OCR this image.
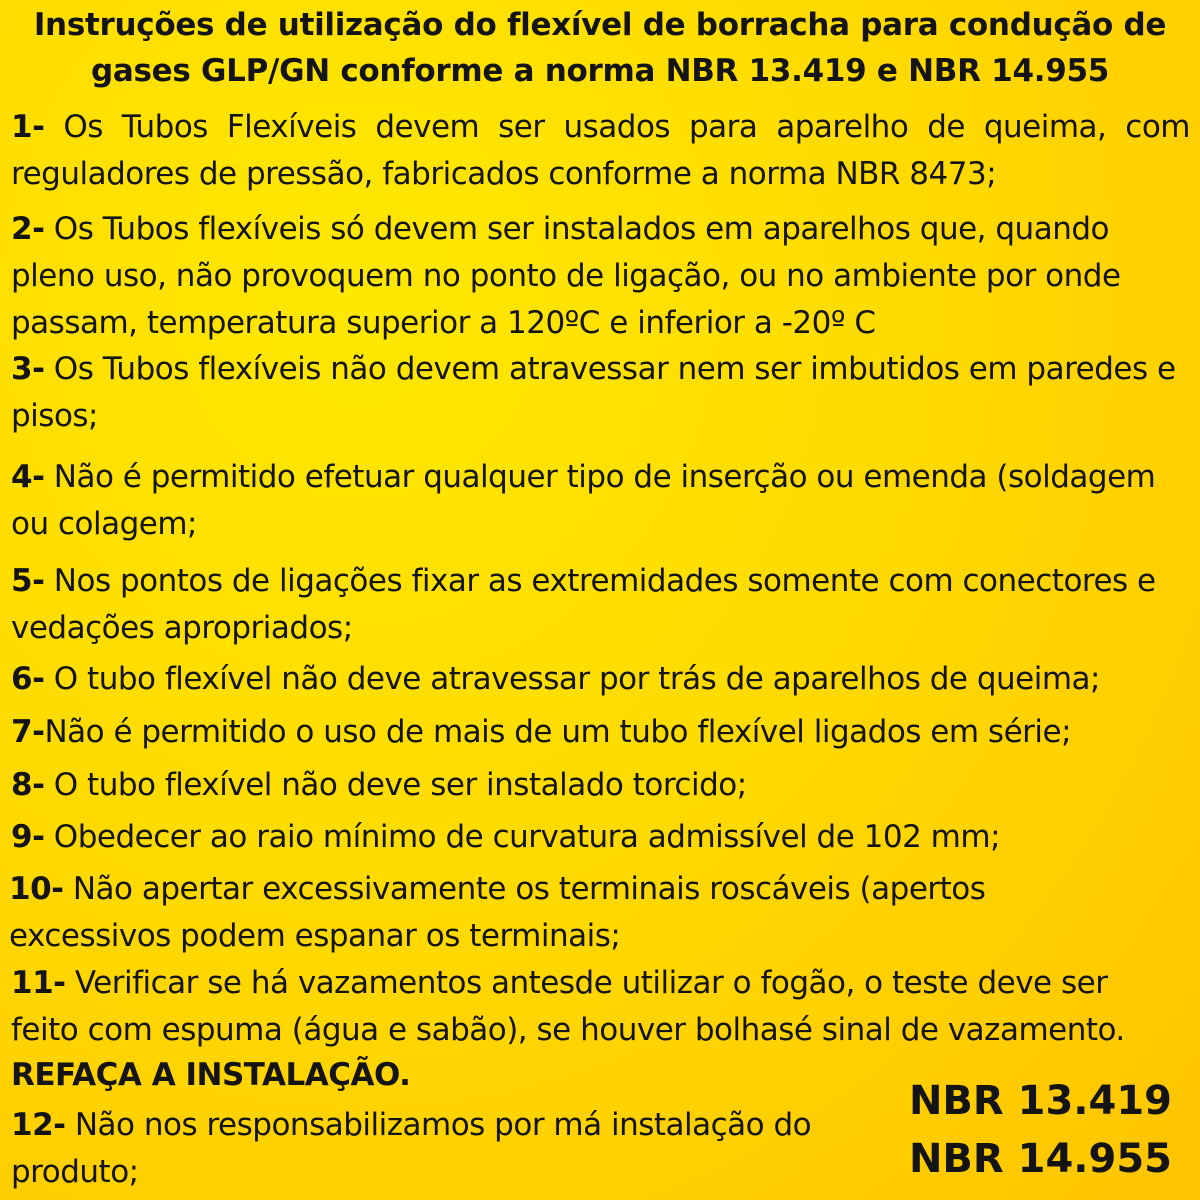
Instruções de utilização do flexível de borracha para condução de
gases GLP/GN conforme a norma NBR 13.419 e NBR 14.955
1- Os Tubos Flexíveis devem ser usados para aparelho de queima, com reguladores de pressão, fabricados conforme a norma NBR 8473;
2- Os Tubos flexíveis só devem ser instalados em aparelhos que, quando pleno uso, não provoquem no ponto de ligação, ou no ambiente por onde passam, temperatura superior a 120ºC e inferior a -20º C
3- Os Tubos flexíveis não devem atravessar nem ser imbutidos em paredes e pisos;
4- Não é permitido efetuar qualquer tipo de inserção ou emenda (soldagem ou colagem;
5- Nos pontos de ligações fixar as extremidades somente com conectores e vedações apropriados;
6- O tubo flexível não deve atravessar por trás de aparelhos de queima;
7-Não é permitido o uso de mais de um tubo flexível ligados em série;
8- O tubo flexível não deve ser instalado torcido;
9- Obedecer ao raio mínimo de curvatura admissível de 102 mm;
10- Não apertar excessivamente os terminais roscáveis (apertos excessivos podem espanar os terminais;
11- Verificar se há vazamentos antesde utilizar o fogão, o teste deve ser feito com espuma (água e sabão), se houver bolhasé sinal de vazamento.
REFAÇA A INSTALAÇÃO.
12- Não nos responsabilizamos por má instalação do produto;
NBR 13.419
NBR 14.955
